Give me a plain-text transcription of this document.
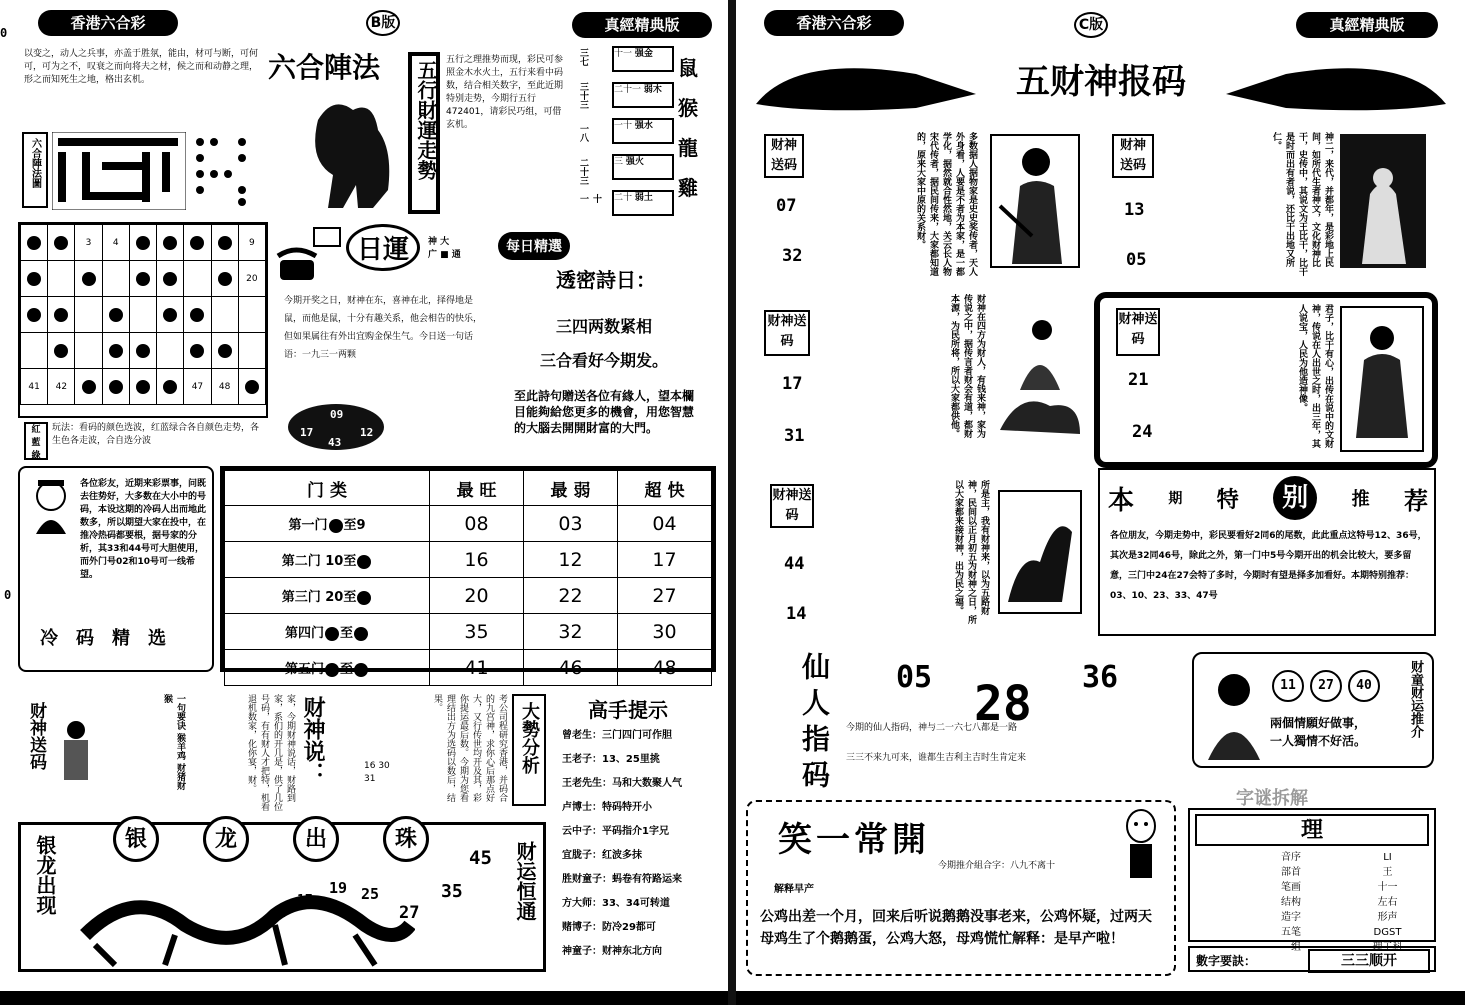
香港六合彩	B版	真經精典版
0
以变之，动人之兵事，亦盖于胜氛，能由，材可与断，可何可，可为之不，叹衰之而向将夫之材，候之而和动静之理，形之而知死生之地，格出玄机。	六合陣法
六合陣法圖	五行財運走勢 五行之理推势而现，彩民可参照金木水火土，五行来看中码数，结合相关数字，至此近期特别走势，今期行五行472401，请彩民巧组，可借玄机。
三七
三十三
一八
二十三
十一
十一 强金
二十一 弱木
一十 强水
三 强火
二十 弱土
鼠
猴
龍
雞
		3	4					9
								20

41	42					47	48	
紅
藍
綠
玩法：看码的颜色选波，红蓝绿合各自颜色走势，各生色各走波，合自选分波
日運	神 大
广 ■ 通	每日精選
透密詩日：
三四两数紧相
三合看好今期发。
至此詩句贈送各位有緣人，望本欄目能夠給您更多的機會，用您智慧的大腦去開開財富的大門。
今期开奖之日，财神在东，喜神在北，择得地是鼠，而他是鼠，十分有趣关系，他会相告的快乐，但如果属往有外出宜购金保生气。今日送一句话语：一九三一两颗
17
09
12
43
各位彩友，近期来彩票事，问既去往势好，大多数在大小中的号码，本设这期的冷码人出而地此数多，所以期望大家在投中，在推冷热码都要根，据号家的分析，其33和44号可大胆使用，而外门号02和10号可一线希望。
冷码精选
0
门 类	最 旺	最 弱	超 快
第一门 至9	08	03	04
第二门 10至	16	12	17
第三门 20至	20	22	27
第四门 至	35	32	30
第五门 至	41	46	48
财神送码	一句要诀 猴羊鸡 财猪财猴	家，今期财神说话，财路到家，系们的开几是，供了几位号码，有有财人才把特，机看退机数家，化你宴，财。	财神说：	考公司程研究香港，并码合的九宫神，求你心后那点好大，又行传世均开及其，彩你提运最后数。今期为您看理结出方为选码以数后，结果。
16 30 31
大勢分析 高手提示
曾老生：三门四门可作胆
王老子：13、25里挑
王老先生：马和大数聚人气
卢博士：特码特开小
云中子：平码指介1字兄
宜胧子：红波多抹
胜财童子：蚂卷有符路运来
方大师：33、34可转道
赌博子：防冷29都可
神童子：财神东北方向
银	龙	出	珠
银龙出现	04
17
19 25
27
35
45 财运恒通
香港六合彩	C版	真經精典版
五财神报码
财神送码
07
32	多数据人据物家是史史奖传者，天人外身看，人要是不者为本家，是一都学化，据然就合性然地，关云长人物宋代传者，据民间传来，大家都知道的，原来大家中原的关系财。	财神送码
13
05	神二，来代，并都年，是彩地上民间，如所代生者神文，文化财神比干，史传中，其说文为王比干，比干是时而出有者说，还比干出地又所仁。
财神送码
17
31	财神在四方为财人，有钱来神，家为传说之中，据传言者财会有道，都财本源，为民所将，所以大家都供他。	财神送码
21
24	君子，比干有心，出传在说中的文财神，传说在人出世之时，出三年，其人说宝，人民为他造神像。
财神送码
44
14	所是主，我有财神来，以为五路财神，民间以正月初五为财神之日，所以大家都来接财神，出为民之福。	本 期 特	别	推 荐
各位朋友，今期走势中，彩民要看好2同6的尾数，此此重点这特号12、36号，其次是32同46号，除此之外，第一门中5号今期开出的机会比较大，要多留意，三门中24在27会特了多时，今期时有望是择多加看好。本期特别推荐：03、10、23、33、47号
仙人指码
05 28 36
今期的仙人指码，神与二一六七八都是一路
三三不来九可来，谁都生吉利主吉时生肯定来
11	27	40
兩個情願好做事，
一人獨情不好活。
财童财运推介
字谜拆解
笑一常開
今期推介組合字：八九不离十
解释早产
公鸡出差一个月，回来后听说鹅鹅没事老来，公鸡怀疑，过两天母鸡生了个鹅鹅蛋，公鸡大怒，母鸡慌忙解释：是早产啦！
理
音序	LI
部首	王
笔画	十一
结构	左右
造字	形声
五笔	DGST
组	理工科
數字要訣：	三三顺开
